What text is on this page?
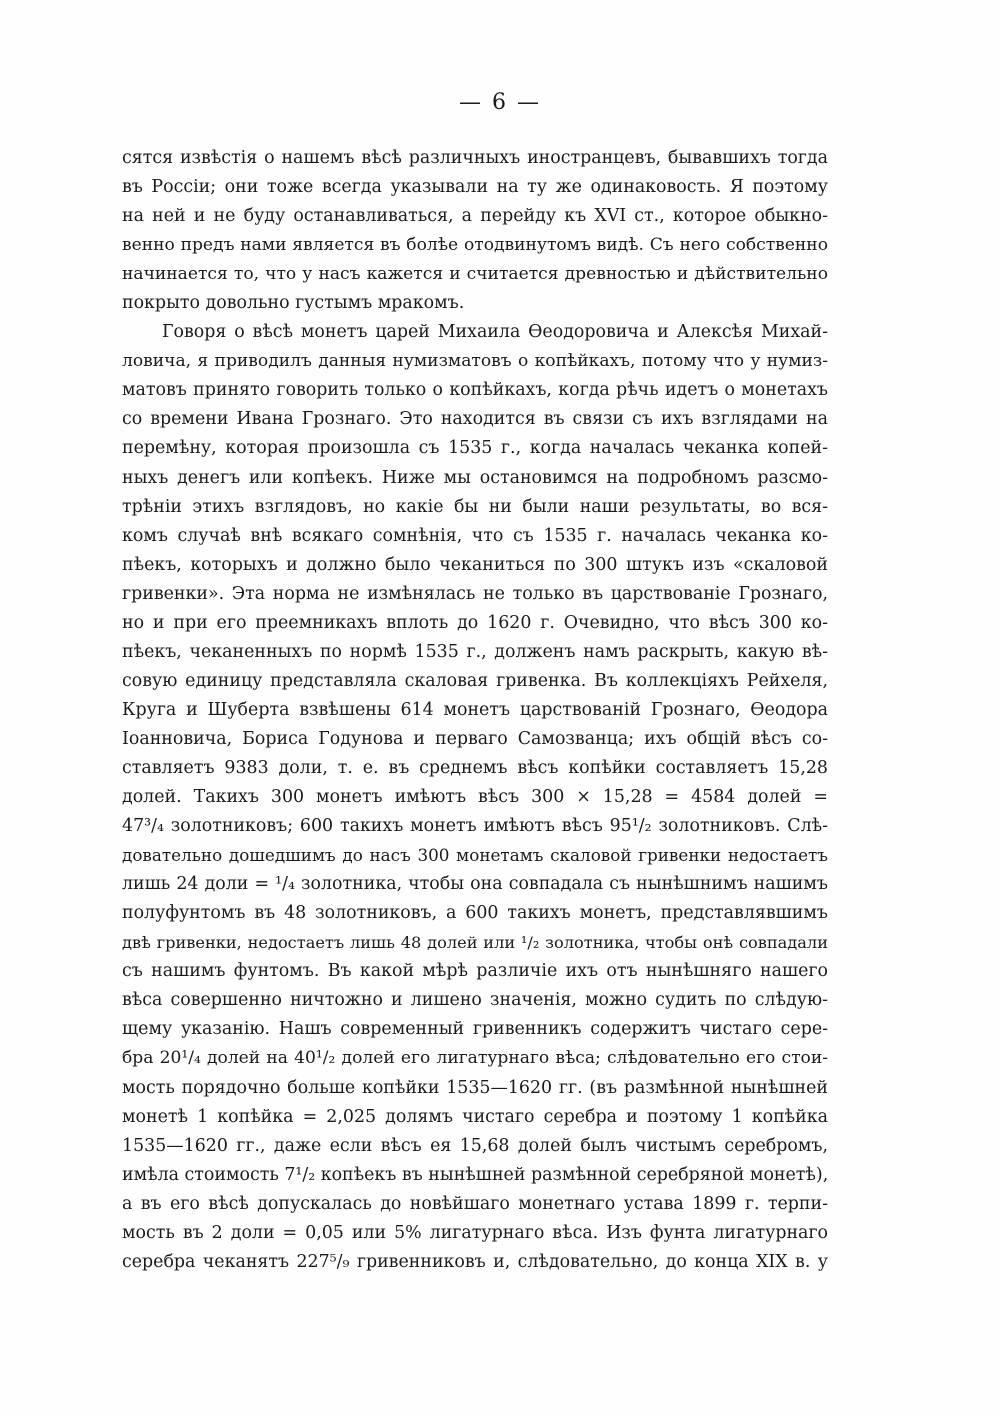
— 6 —
сятся извѣстія о нашемъ вѣсѣ различныхъ иностранцевъ, бывавшихъ тогда
въ Россіи; они тоже всегда указывали на ту же одинаковость. Я поэтому
на ней и не буду останавливаться, а перейду къ XVI ст., которое обыкно-
венно предъ нами является въ болѣе отодвинутомъ видѣ. Съ него собственно
начинается то, что у насъ кажется и считается древностью и дѣйствительно
покрыто довольно густымъ мракомъ.
Говоря о вѣсѣ монетъ царей Михаила Ѳеодоровича и Алексѣя Михай-
ловича, я приводилъ данныя нумизматовъ о копѣйкахъ, потому что у нумиз-
матовъ принято говорить только о копѣйкахъ, когда рѣчь идетъ о монетахъ
со времени Ивана Грознаго. Это находится въ связи съ ихъ взглядами на
перемѣну, которая произошла съ 1535 г., когда началась чеканка копей-
ныхъ денегъ или копѣекъ. Ниже мы остановимся на подробномъ разсмо-
трѣніи этихъ взглядовъ, но какіе бы ни были наши результаты, во вся-
комъ случаѣ внѣ всякаго сомнѣнія, что съ 1535 г. началась чеканка ко-
пѣекъ, которыхъ и должно было чеканиться по 300 штукъ изъ «скаловой
гривенки». Эта норма не измѣнялась не только въ царствованіе Грознаго,
но и при его преемникахъ вплоть до 1620 г. Очевидно, что вѣсъ 300 ко-
пѣекъ, чеканенныхъ по нормѣ 1535 г., долженъ намъ раскрыть, какую вѣ-
совую единицу представляла скаловая гривенка. Въ коллекціяхъ Рейхеля,
Круга и Шуберта взвѣшены 614 монетъ царствованій Грознаго, Ѳеодора
Іоанновича, Бориса Годунова и перваго Самозванца; ихъ общій вѣсъ со-
ставляетъ 9383 доли, т. е. въ среднемъ вѣсъ копѣйки составляетъ 15,28
долей. Такихъ 300 монетъ имѣютъ вѣсъ 300 × 15,28 = 4584 долей =
47³/₄ золотниковъ; 600 такихъ монетъ имѣютъ вѣсъ 95¹/₂ золотниковъ. Слѣ-
довательно дошедшимъ до насъ 300 монетамъ скаловой гривенки недостаетъ
лишь 24 доли = ¹/₄ золотника, чтобы она совпадала съ нынѣшнимъ нашимъ
полуфунтомъ въ 48 золотниковъ, а 600 такихъ монетъ, представлявшимъ
двѣ гривенки, недостаетъ лишь 48 долей или ¹/₂ золотника, чтобы онѣ совпадали
съ нашимъ фунтомъ. Въ какой мѣрѣ различіе ихъ отъ нынѣшняго нашего
вѣса совершенно ничтожно и лишено значенія, можно судить по слѣдую-
щему указанію. Нашъ современный гривенникъ содержитъ чистаго сере-
бра 20¹/₄ долей на 40¹/₂ долей его лигатурнаго вѣса; слѣдовательно его стои-
мость порядочно больше копѣйки 1535—1620 гг. (въ размѣнной нынѣшней
монетѣ 1 копѣйка = 2,025 долямъ чистаго серебра и поэтому 1 копѣйка
1535—1620 гг., даже если вѣсъ ея 15,68 долей былъ чистымъ серебромъ,
имѣла стоимость 7¹/₂ копѣекъ въ нынѣшней размѣнной серебряной монетѣ),
а въ его вѣсѣ допускалась до новѣйшаго монетнаго устава 1899 г. терпи-
мость въ 2 доли = 0,05 или 5% лигатурнаго вѣса. Изъ фунта лигатурнаго
серебра чеканятъ 227⁵/₉ гривенниковъ и, слѣдовательно, до конца XIX в. у
